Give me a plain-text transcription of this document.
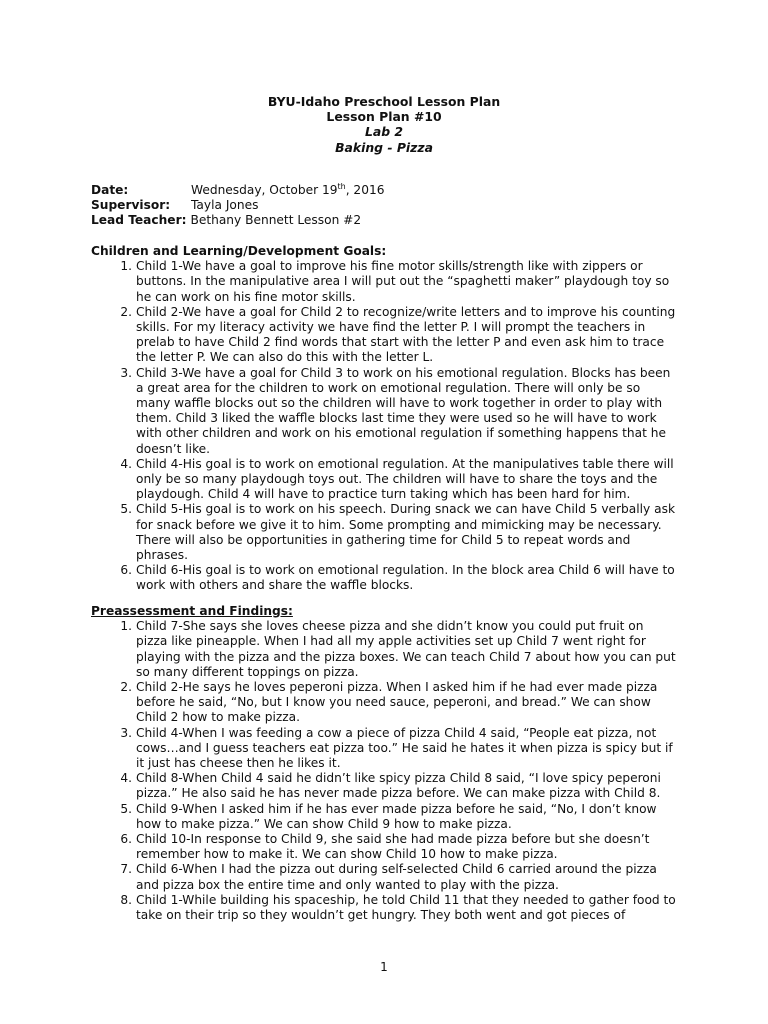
BYU-Idaho Preschool Lesson Plan
Lesson Plan #10
Lab 2
Baking - Pizza
Date:	Wednesday, October 19th, 2016
Supervisor:	Tayla Jones
Lead Teacher: Bethany Bennett Lesson #2
Children and Learning/Development Goals:
1. Child 1-We have a goal to improve his fine motor skills/strength like with zippers or buttons. In the manipulative area I will put out the “spaghetti maker” playdough toy so he can work on his fine motor skills.
2. Child 2-We have a goal for Child 2 to recognize/write letters and to improve his counting skills. For my literacy activity we have find the letter P. I will prompt the teachers in prelab to have Child 2 find words that start with the letter P and even ask him to trace the letter P. We can also do this with the letter L.
3. Child 3-We have a goal for Child 3 to work on his emotional regulation. Blocks has been a great area for the children to work on emotional regulation. There will only be so many waffle blocks out so the children will have to work together in order to play with them. Child 3 liked the waffle blocks last time they were used so he will have to work with other children and work on his emotional regulation if something happens that he doesn’t like.
4. Child 4-His goal is to work on emotional regulation. At the manipulatives table there will only be so many playdough toys out. The children will have to share the toys and the playdough. Child 4 will have to practice turn taking which has been hard for him.
5. Child 5-His goal is to work on his speech. During snack we can have Child 5 verbally ask for snack before we give it to him. Some prompting and mimicking may be necessary. There will also be opportunities in gathering time for Child 5 to repeat words and phrases.
6. Child 6-His goal is to work on emotional regulation. In the block area Child 6 will have to work with others and share the waffle blocks.
Preassessment and Findings:
1. Child 7-She says she loves cheese pizza and she didn’t know you could put fruit on pizza like pineapple. When I had all my apple activities set up Child 7 went right for playing with the pizza and the pizza boxes. We can teach Child 7 about how you can put so many different toppings on pizza.
2. Child 2-He says he loves peperoni pizza. When I asked him if he had ever made pizza before he said, “No, but I know you need sauce, peperoni, and bread.” We can show Child 2 how to make pizza.
3. Child 4-When I was feeding a cow a piece of pizza Child 4 said, “People eat pizza, not cows…and I guess teachers eat pizza too.” He said he hates it when pizza is spicy but if it just has cheese then he likes it.
4. Child 8-When Child 4 said he didn’t like spicy pizza Child 8 said, “I love spicy peperoni pizza.” He also said he has never made pizza before. We can make pizza with Child 8.
5. Child 9-When I asked him if he has ever made pizza before he said, “No, I don’t know how to make pizza.” We can show Child 9 how to make pizza.
6. Child 10-In response to Child 9, she said she had made pizza before but she doesn’t remember how to make it. We can show Child 10 how to make pizza.
7. Child 6-When I had the pizza out during self-selected Child 6 carried around the pizza and pizza box the entire time and only wanted to play with the pizza.
8. Child 1-While building his spaceship, he told Child 11 that they needed to gather food to take on their trip so they wouldn’t get hungry. They both went and got pieces of
1
